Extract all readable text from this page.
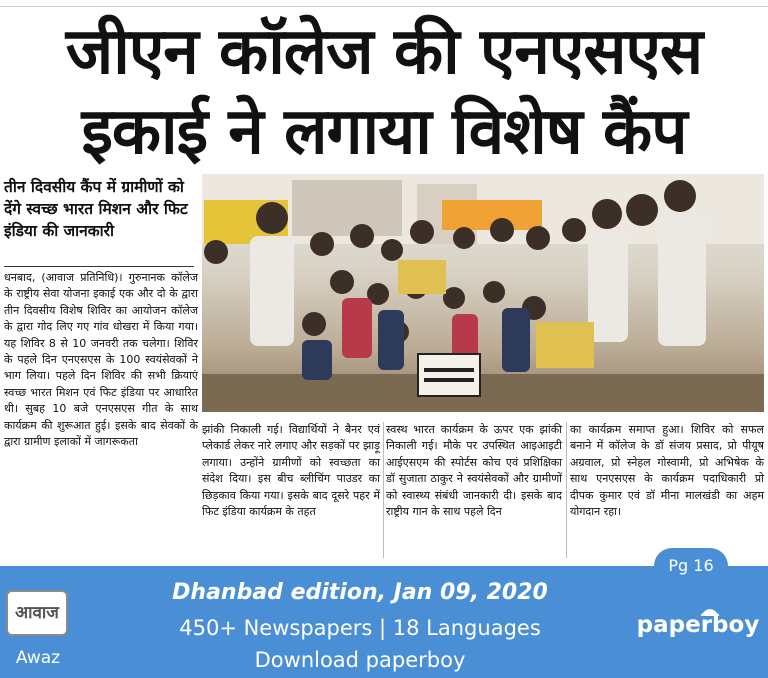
जीएन कॉलेज की एनएसएस
इकाई ने लगाया विशेष कैंप
तीन दिवसीय कैंप में ग्रामीणों को देंगे स्वच्छ भारत मिशन और फिट इंडिया की जानकारी
धनबाद, (आवाज प्रतिनिधि)। गुरुनानक कॉलेज के राष्ट्रीय सेवा योजना इकाई एक और दो के द्वारा तीन दिवसीय विशेष शिविर का आयोजन कॉलेज के द्वारा गोद लिए गए गांव धोखरा में किया गया। यह शिविर 8 से 10 जनवरी तक चलेगा। शिविर के पहले दिन एनएसएस के 100 स्वयंसेवकों ने भाग लिया। पहले दिन शिविर की सभी क्रियाएं स्वच्छ भारत मिशन एवं फिट इंडिया पर आधारित थी। सुबह 10 बजे एनएसएस गीत के साथ कार्यक्रम की शुरूआत हुई। इसके बाद सेवकों के द्वारा ग्रामीण इलाकों में जागरूकता
झांकी निकाली गई। विद्यार्थियों ने बैनर एवं प्लेकार्ड लेकर नारे लगाए और सड़कों पर झाड़ू लगाया। उन्होंने ग्रामीणों को स्वच्छता का संदेश दिया। इस बीच ब्लीचिंग पाउडर का छिड़काव किया गया। इसके बाद दूसरे पहर में फिट इंडिया कार्यक्रम के तहत
स्वस्थ भारत कार्यक्रम के ऊपर एक झांकी निकाली गई। मौके पर उपस्थित आइआइटी आईएसएम की स्पोर्टस कोच एवं प्रशिक्षिका डॉ सुजाता ठाकुर ने स्वयंसेवकों और ग्रामीणों को स्वास्थ्य संबंधी जानकारी दी। इसके बाद राष्ट्रीय गान के साथ पहले दिन
का कार्यक्रम समाप्त हुआ। शिविर को सफल बनाने में कॉलेज के डॉ संजय प्रसाद, प्रो पीयूष अग्रवाल, प्रो स्नेहल गोस्वामी, प्रो अभिषेक के साथ एनएसएस के कार्यक्रम पदाधिकारी प्रो दीपक कुमार एवं डॉ मीना मालखंडी का अहम योगदान रहा।
Pg 16
आवाज
Awaz
Dhanbad edition, Jan 09, 2020
450+ Newspapers | 18 Languages
Download paperboy
paperboy
